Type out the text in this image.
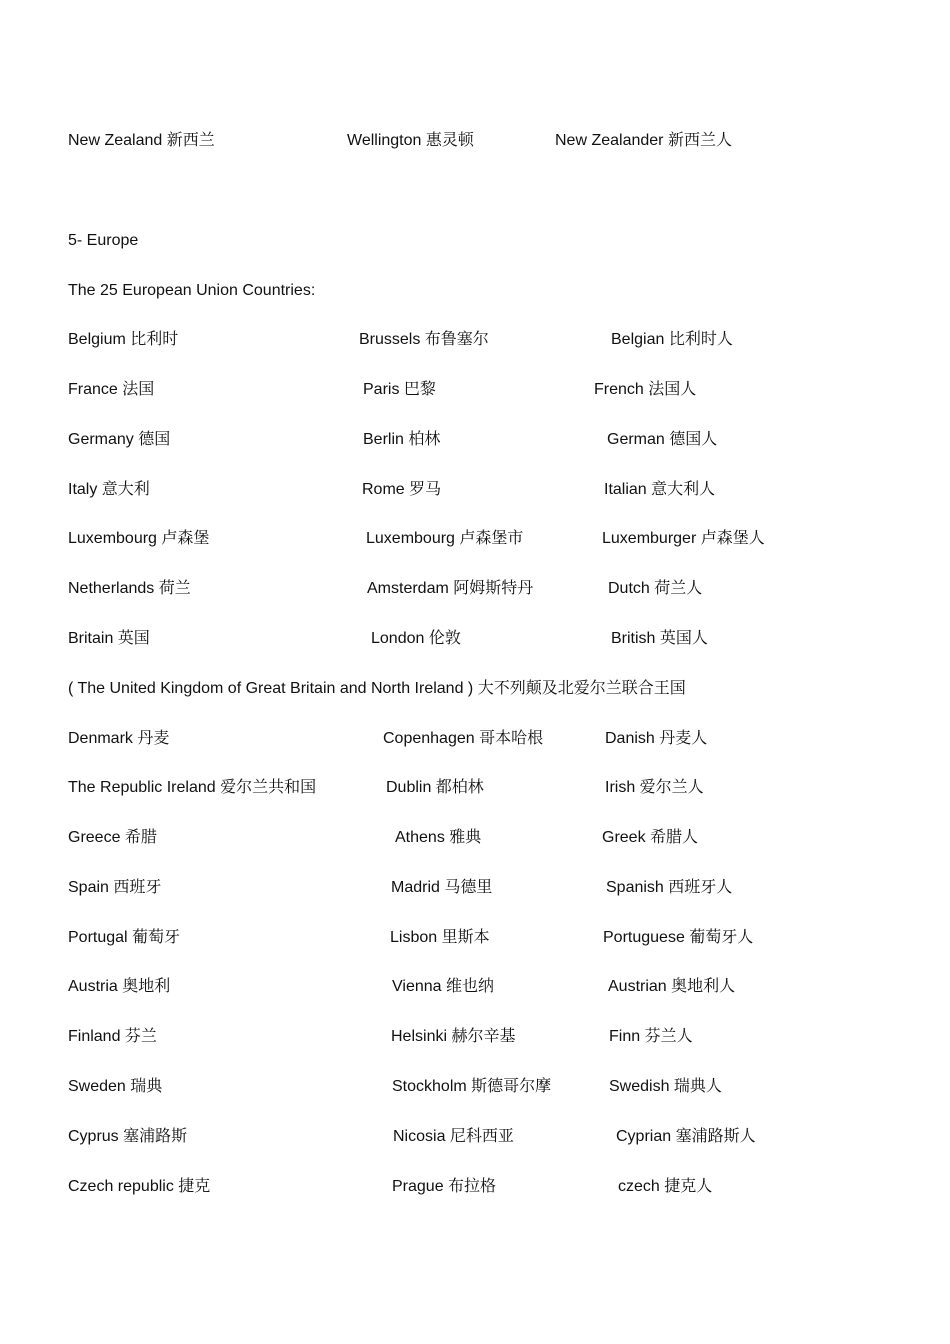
New Zealand 新西兰	Wellington 惠灵顿	New Zealander 新西兰人
5- Europe
The 25 European Union Countries:
Belgium 比利时	Brussels 布鲁塞尔	Belgian 比利时人
France 法国	Paris 巴黎	French 法国人
Germany 德国	Berlin 柏林	German 德国人
Italy 意大利	Rome 罗马	Italian 意大利人
Luxembourg 卢森堡	Luxembourg 卢森堡市	Luxemburger 卢森堡人
Netherlands 荷兰	Amsterdam 阿姆斯特丹	Dutch 荷兰人
Britain 英国	London 伦敦	British 英国人
( The United Kingdom of Great Britain and North Ireland ) 大不列颠及北爱尔兰联合王国
Denmark 丹麦	Copenhagen 哥本哈根	Danish 丹麦人
The Republic Ireland 爱尔兰共和国	Dublin 都柏林	Irish 爱尔兰人
Greece 希腊	Athens 雅典	Greek 希腊人
Spain 西班牙	Madrid 马德里	Spanish 西班牙人
Portugal 葡萄牙	Lisbon 里斯本	Portuguese 葡萄牙人
Austria 奥地利	Vienna 维也纳	Austrian 奥地利人
Finland 芬兰	Helsinki 赫尔辛基	Finn 芬兰人
Sweden 瑞典	Stockholm 斯德哥尔摩	Swedish 瑞典人
Cyprus 塞浦路斯	Nicosia 尼科西亚	Cyprian 塞浦路斯人
Czech republic 捷克	Prague 布拉格	czech 捷克人
